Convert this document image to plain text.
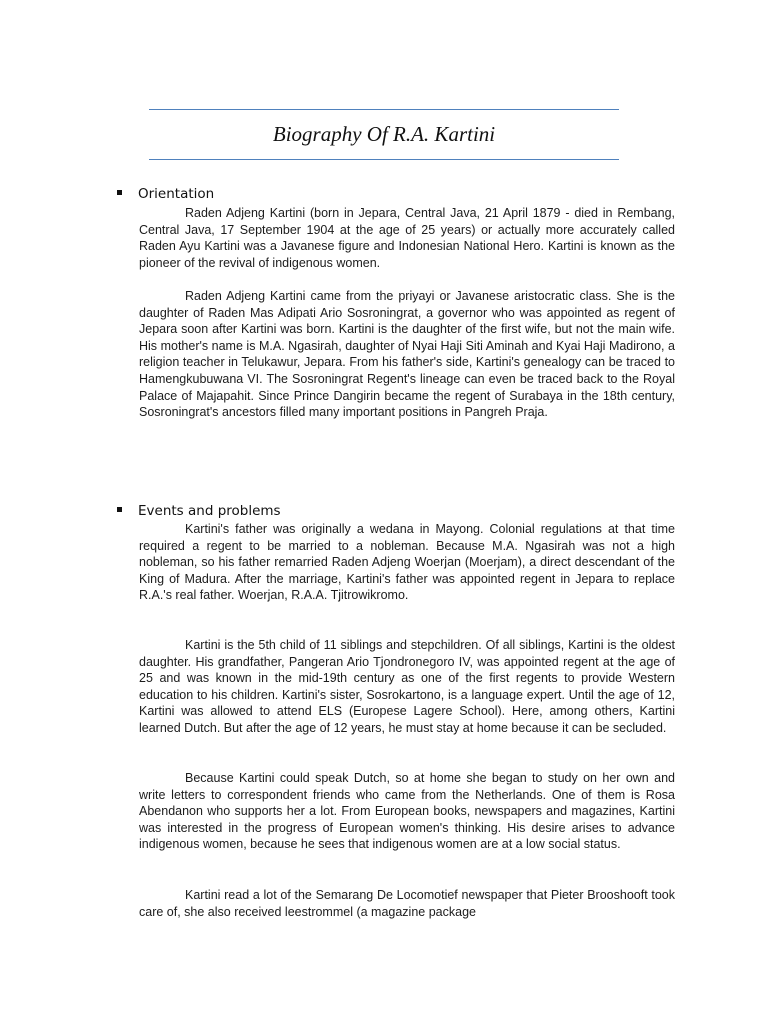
Biography Of R.A. Kartini
Orientation

Raden Adjeng Kartini (born in Jepara, Central Java, 21 April 1879 - died in Rembang, Central Java, 17 September 1904 at the age of 25 years) or actually more accurately called Raden Ayu Kartini was a Javanese figure and Indonesian National Hero. Kartini is known as the pioneer of the revival of indigenous women.

Raden Adjeng Kartini came from the priyayi or Javanese aristocratic class. She is the daughter of Raden Mas Adipati Ario Sosroningrat, a governor who was appointed as regent of Jepara soon after Kartini was born. Kartini is the daughter of the first wife, but not the main wife. His mother's name is M.A. Ngasirah, daughter of Nyai Haji Siti Aminah and Kyai Haji Madirono, a religion teacher in Telukawur, Jepara. From his father's side, Kartini's genealogy can be traced to Hamengkubuwana VI. The Sosroningrat Regent's lineage can even be traced back to the Royal Palace of Majapahit. Since Prince Dangirin became the regent of Surabaya in the 18th century, Sosroningrat's ancestors filled many important positions in Pangreh Praja.

Events and problems

Kartini's father was originally a wedana in Mayong. Colonial regulations at that time required a regent to be married to a nobleman. Because M.A. Ngasirah was not a high nobleman, so his father remarried Raden Adjeng Woerjan (Moerjam), a direct descendant of the King of Madura. After the marriage, Kartini's father was appointed regent in Jepara to replace R.A.'s real father. Woerjan, R.A.A. Tjitrowikromo.

Kartini is the 5th child of 11 siblings and stepchildren. Of all siblings, Kartini is the oldest daughter. His grandfather, Pangeran Ario Tjondronegoro IV, was appointed regent at the age of 25 and was known in the mid-19th century as one of the first regents to provide Western education to his children. Kartini's sister, Sosrokartono, is a language expert. Until the age of 12, Kartini was allowed to attend ELS (Europese Lagere School). Here, among others, Kartini learned Dutch. But after the age of 12 years, he must stay at home because it can be secluded.

Because Kartini could speak Dutch, so at home she began to study on her own and write letters to correspondent friends who came from the Netherlands. One of them is Rosa Abendanon who supports her a lot. From European books, newspapers and magazines, Kartini was interested in the progress of European women's thinking. His desire arises to advance indigenous women, because he sees that indigenous women are at a low social status.

Kartini read a lot of the Semarang De Locomotief newspaper that Pieter Brooshooft took care of, she also received leestrommel (a magazine package
